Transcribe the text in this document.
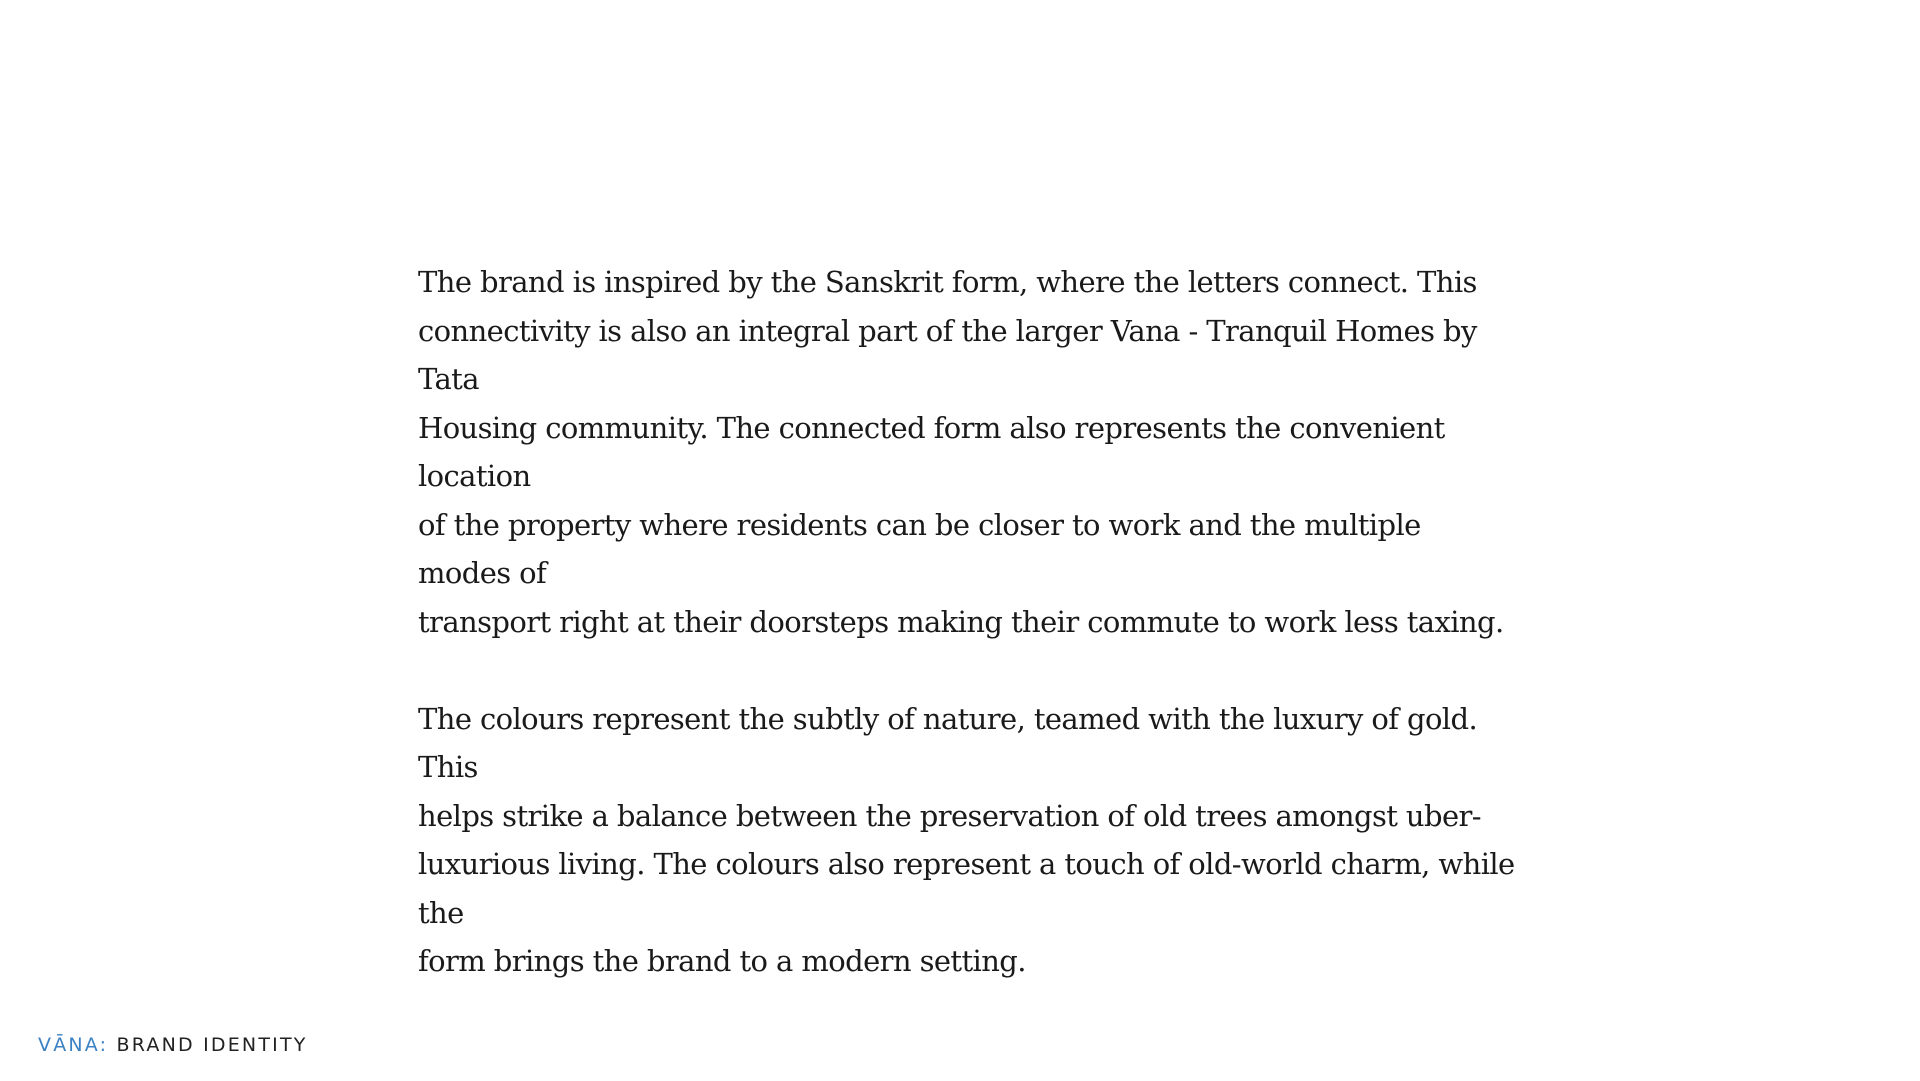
The brand is inspired by the Sanskrit form, where the letters connect. This
connectivity is also an integral part of the larger Vana - Tranquil Homes by Tata
Housing community. The connected form also represents the convenient location
of the property where residents can be closer to work and the multiple modes of
transport right at their doorsteps making their commute to work less taxing.

The colours represent the subtly of nature, teamed with the luxury of gold. This
helps strike a balance between the preservation of old trees amongst uber-
luxurious living. The colours also represent a touch of old-world charm, while the
form brings the brand to a modern setting.

VĀNA: BRAND IDENTITY
